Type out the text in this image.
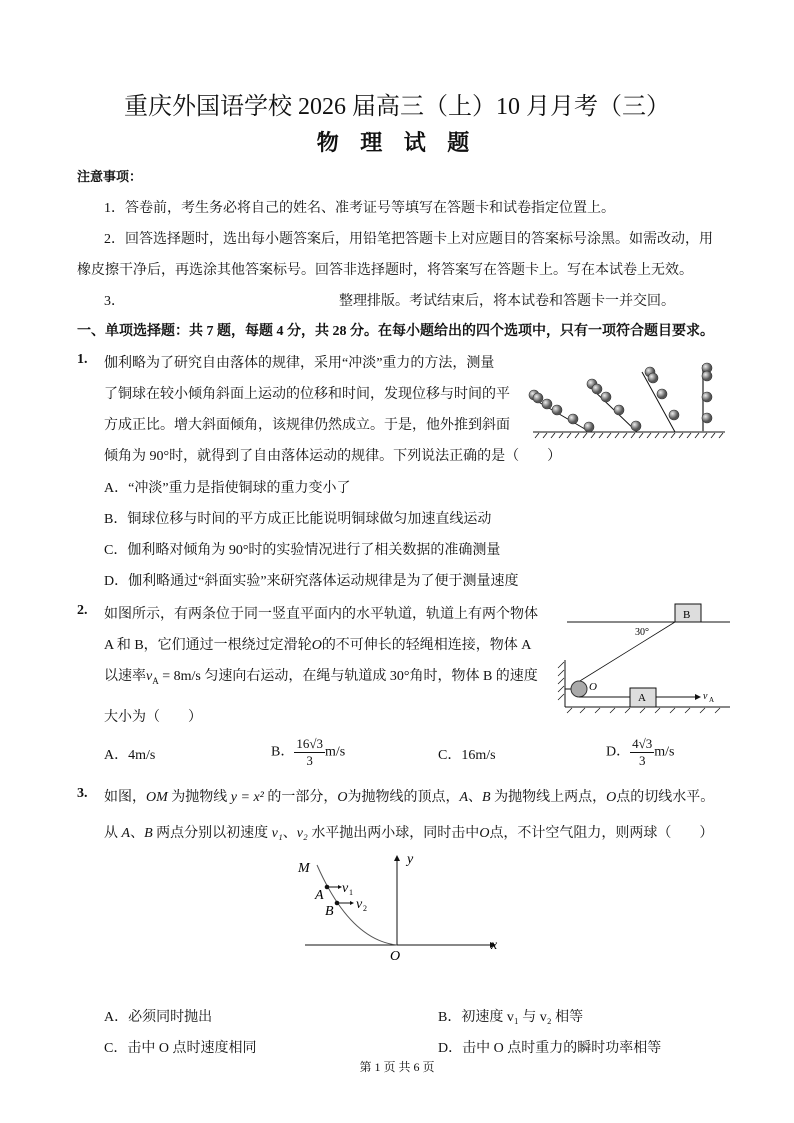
重庆外国语学校 2026 届高三（上）10 月月考（三）
物 理 试 题
注意事项：
1．答卷前，考生务必将自己的姓名、准考证号等填写在答题卡和试卷指定位置上。
2．回答选择题时，选出每小题答案后，用铅笔把答题卡上对应题目的答案标号涂黑。如需改动，用
橡皮擦干净后，再选涂其他答案标号。回答非选择题时，将答案写在答题卡上。写在本试卷上无效。
3．	整理排版。考试结束后，将本试卷和答题卡一并交回。
一、单项选择题：共 7 题，每题 4 分，共 28 分。在每小题给出的四个选项中，只有一项符合题目要求。
1. 伽利略为了研究自由落体的规律，采用“冲淡”重力的方法，测量
了铜球在较小倾角斜面上运动的位移和时间，发现位移与时间的平
方成正比。增大斜面倾角，该规律仍然成立。于是，他外推到斜面
倾角为 90°时，就得到了自由落体运动的规律。下列说法正确的是（　　）
A．“冲淡”重力是指使铜球的重力变小了
B．铜球位移与时间的平方成正比能说明铜球做匀加速直线运动
C．伽利略对倾角为 90°时的实验情况进行了相关数据的准确测量
D．伽利略通过“斜面实验”来研究落体运动规律是为了便于测量速度
2. 如图所示，有两条位于同一竖直平面内的水平轨道，轨道上有两个物体
A 和 B，它们通过一根绕过定滑轮O的不可伸长的轻绳相连接，物体 A
以速率$v_A = 8m/s$ 匀速向右运动，在绳与轨道成 30°角时，物体 B 的速度
大小为（　　）
A．4m/s	B． $\frac{16√3}{3} m/s$	C．16m/s	D． $\frac{4√3}{3} m/s$
B
30°
O
A	v A
3. 如图，OM 为抛物线 y = x² 的一部分，O为抛物线的顶点，A、B 为抛物线上两点，O点的切线水平。
从 A、B 两点分别以初速度 v₁、v₂ 水平抛出两小球，同时击中O点，不计空气阻力，则两球（　　）
M
A
B
v
v
y
x
O
1
2
A．必须同时抛出	B．初速度 v₁ 与 v₂ 相等
C．击中 O 点时速度相同	D．击中 O 点时重力的瞬时功率相等
第 1 页 共 6 页
